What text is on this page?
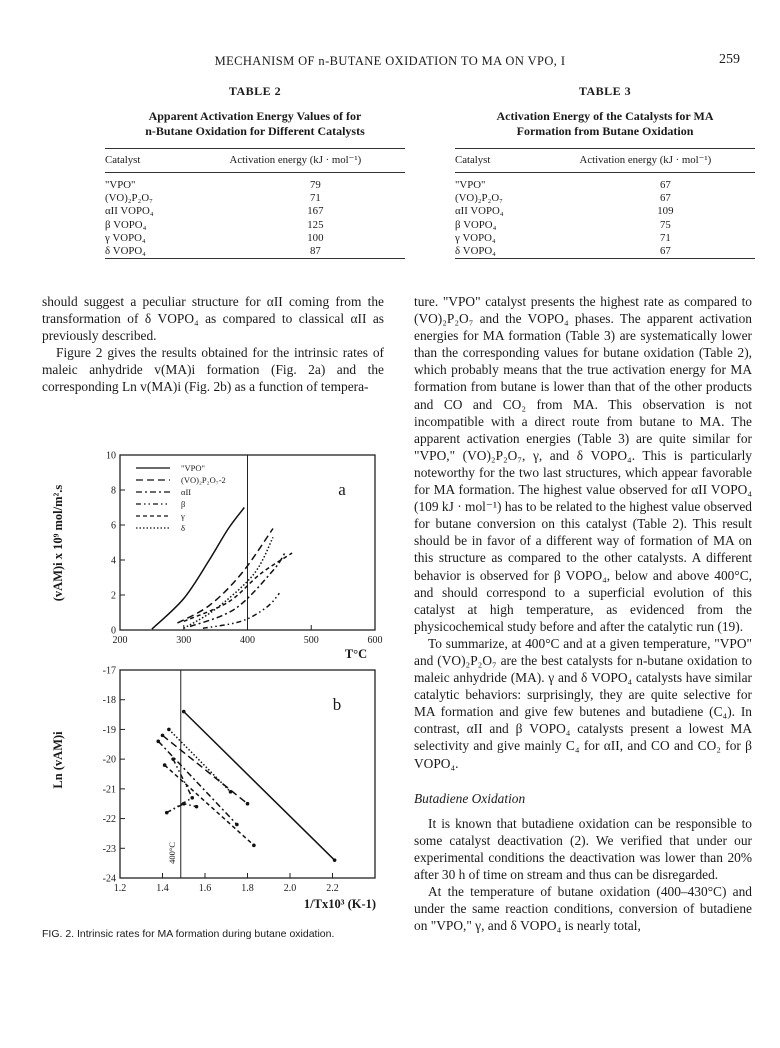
MECHANISM OF n-BUTANE OXIDATION TO MA ON VPO, I	259
TABLE 2
Apparent Activation Energy Values of for
n-Butane Oxidation for Different Catalysts
Catalyst	Activation energy (kJ · mol⁻¹)
"VPO"	79
(VO)₂P₂O₇	71
αII VOPO₄	167
β VOPO₄	125
γ VOPO₄	100
δ VOPO₄	87
TABLE 3
Activation Energy of the Catalysts for MA
Formation from Butane Oxidation
Catalyst	Activation energy (kJ · mol⁻¹)
"VPO"	67
(VO)₂P₂O₇	67
αII VOPO₄	109
β VOPO₄	75
γ VOPO₄	71
δ VOPO₄	67

should suggest a peculiar structure for αII coming from the transformation of δ VOPO₄ as compared to classical αII as previously described.

Figure 2 gives the results obtained for the intrinsic rates of maleic anhydride v(MA)i formation (Fig. 2a) and the corresponding Ln v(MA)i (Fig. 2b) as a function of tempera-

200	300	400	500	600
0
2
4
6
8
10
a
T°C
(vAM)i x 10⁹ mol/m².s
"VPO"
(VO)₂P₂O₇-2
αII
β
γ
δ
1.2	1.4	1.6	1.8	2.0	2.2
-17
-18
-19
-20
-21
-22
-23
-24
400°C
b
1/Tx10³ (K-1)
Ln (vAM)i
FIG. 2. Intrinsic rates for MA formation during butane oxidation.

ture. "VPO" catalyst presents the highest rate as compared to (VO)₂P₂O₇ and the VOPO₄ phases. The apparent activation energies for MA formation (Table 3) are systematically lower than the corresponding values for butane oxidation (Table 2), which probably means that the true activation energy for MA formation from butane is lower than that of the other products and CO and CO₂ from MA. This observation is not incompatible with a direct route from butane to MA. The apparent activation energies (Table 3) are quite similar for "VPO," (VO)₂P₂O₇, γ, and δ VOPO₄. This is particularly noteworthy for the two last structures, which appear favorable for MA formation. The highest value observed for αII VOPO₄ (109 kJ · mol⁻¹) has to be related to the highest value observed for butane conversion on this catalyst (Table 2). This result should be in favor of a different way of formation of MA on this structure as compared to the other catalysts. A different behavior is observed for β VOPO₄, below and above 400°C, and should correspond to a superficial evolution of this catalyst at high temperature, as evidenced from the physicochemical study before and after the catalytic run (19).

To summarize, at 400°C and at a given temperature, "VPO" and (VO)₂P₂O₇ are the best catalysts for n-butane oxidation to maleic anhydride (MA). γ and δ VOPO₄ catalysts have similar catalytic behaviors: surprisingly, they are quite selective for MA formation and give few butenes and butadiene (C₄). In contrast, αII and β VOPO₄ catalysts present a lowest MA selectivity and give mainly C₄ for αII, and CO and CO₂ for β VOPO₄.

Butadiene Oxidation

It is known that butadiene oxidation can be responsible to some catalyst deactivation (2). We verified that under our experimental conditions the deactivation was lower than 20% after 30 h of time on stream and thus can be disregarded.

At the temperature of butane oxidation (400–430°C) and under the same reaction conditions, conversion of butadiene on "VPO," γ, and δ VOPO₄ is nearly total,
